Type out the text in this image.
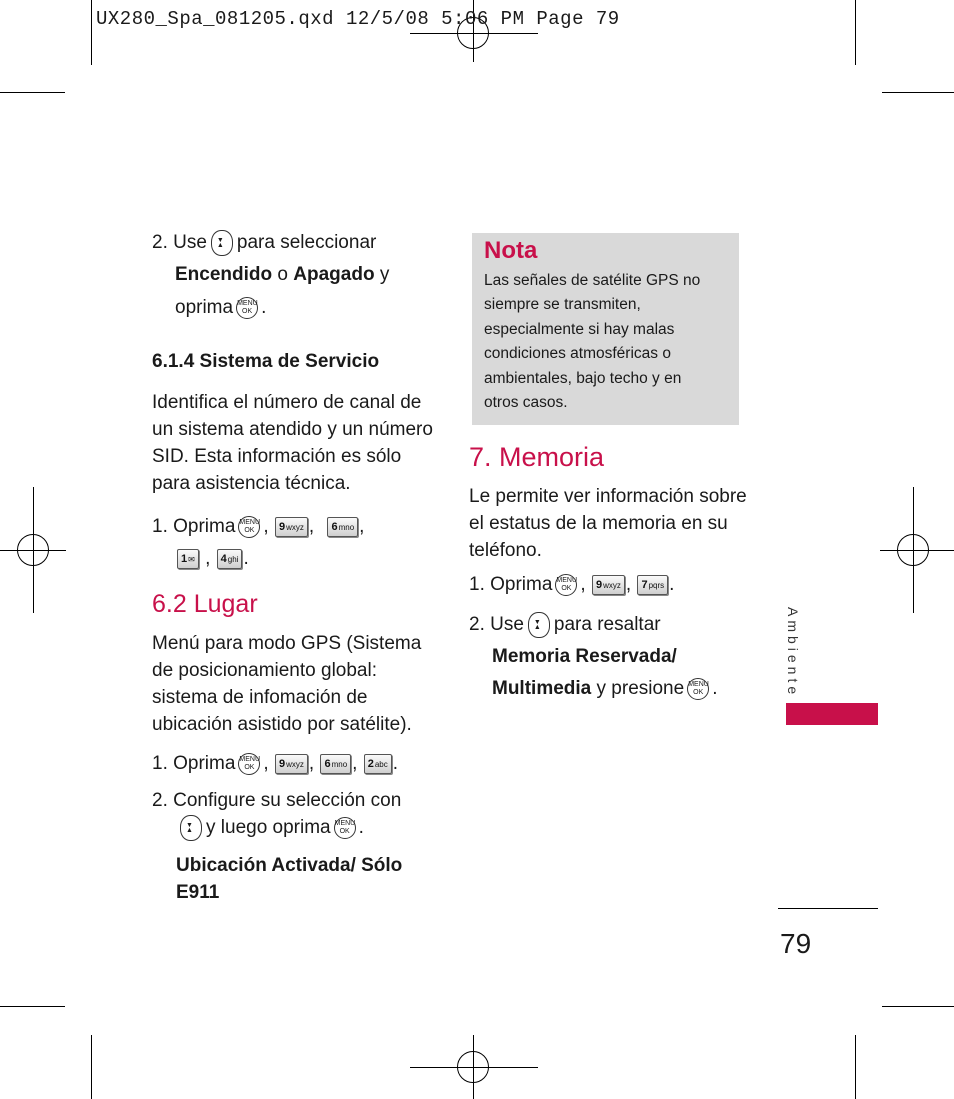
UX280_Spa_081205.qxd 12/5/08 5:06 PM Page 79
2. Use ▲ ▼ para seleccionar
Encendido o Apagado y
oprima MENU
OK .
6.1.4 Sistema de Servicio
Identifica el número de canal de
un sistema atendido y un número
SID. Esta información es sólo
para asistencia técnica.
1. Oprima MENU
OK , 9wxyz , 6mno ,
1✉ , 4ghi .
6.2 Lugar
Menú para modo GPS (Sistema
de posicionamiento global:
sistema de infomación de
ubicación asistido por satélite).
1. Oprima MENU
OK , 9wxyz , 6mno , 2abc .
2. Configure su selección con
▲ ▼y luego oprima MENU
OK .
Ubicación Activada/ Sólo
E911
Nota
Las señales de satélite GPS no
siempre se transmiten,
especialmente si hay malas
condiciones atmosféricas o
ambientales, bajo techo y en
otros casos.
7. Memoria
Le permite ver información sobre
el estatus de la memoria en su
teléfono.
1. Oprima MENU
OK , 9wxyz , 7pqrs .
2. Use ▲ ▼ para resaltar
Memoria Reservada/
Multimedia y presione MENU
OK .	Ambiente
79
